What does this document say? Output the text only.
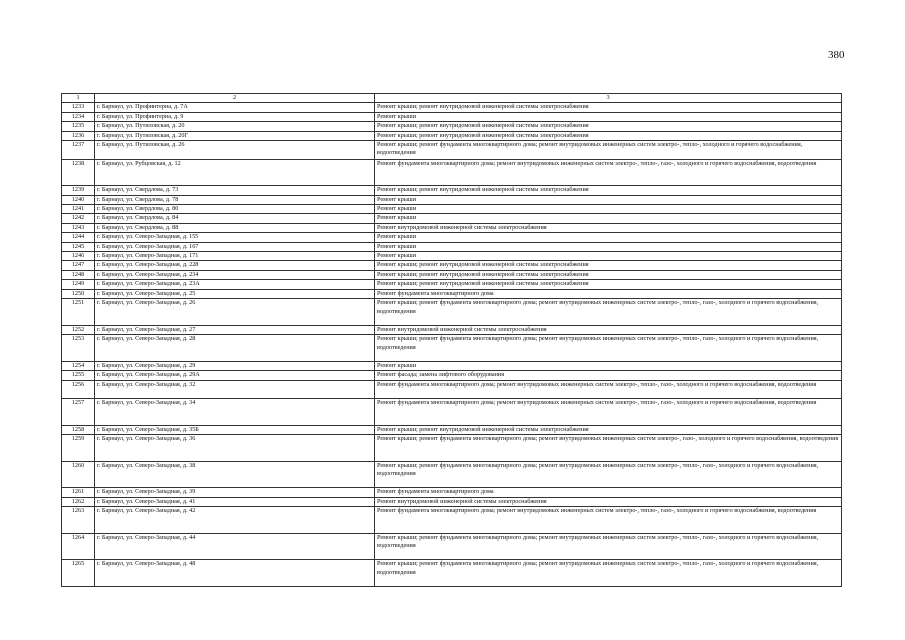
380
1	2	3
1233	г. Барнаул, ул. Профинтерна, д. 7А	Ремонт крыши; ремонт внутридомовой инженерной системы электроснабжения
1234	г. Барнаул, ул. Профинтерна, д. 9	Ремонт крыши
1235	г. Барнаул, ул. Путиловская, д. 20	Ремонт крыши; ремонт внутридомовой инженерной системы электроснабжения
1236	г. Барнаул, ул. Путиловская, д. 20Г	Ремонт крыши; ремонт внутридомовой инженерной системы электроснабжения
1237	г. Барнаул, ул. Путиловская, д. 26	Ремонт крыши; ремонт фундамента многоквартирного дома; ремонт внутридомовых инженерных систем электро-, тепло-, холодного и горячего водоснабжения, водоотведения
1238	г. Барнаул, ул. Рубцовская, д. 12	Ремонт фундамента многоквартирного дома; ремонт внутридомовых инженерных систем электро-, тепло-, газо-, холодного и горячего водоснабжения, водоотведения
1239	г. Барнаул, ул. Свердлова, д. 73	Ремонт крыши; ремонт внутридомовой инженерной системы электроснабжения
1240	г. Барнаул, ул. Свердлова, д. 78	Ремонт крыши
1241	г. Барнаул, ул. Свердлова, д. 80	Ремонт крыши
1242	г. Барнаул, ул. Свердлова, д. 84	Ремонт крыши
1243	г. Барнаул, ул. Свердлова, д. 88	Ремонт внутридомовой инженерной системы электроснабжения
1244	г. Барнаул, ул. Северо-Западная, д. 155	Ремонт крыши
1245	г. Барнаул, ул. Северо-Западная, д. 167	Ремонт крыши
1246	г. Барнаул, ул. Северо-Западная, д. 171	Ремонт крыши
1247	г. Барнаул, ул. Северо-Западная, д. 228	Ремонт крыши; ремонт внутридомовой инженерной системы электроснабжения
1248	г. Барнаул, ул. Северо-Западная, д. 234	Ремонт крыши; ремонт внутридомовой инженерной системы электроснабжения
1249	г. Барнаул, ул. Северо-Западная, д. 23А	Ремонт крыши; ремонт внутридомовой инженерной системы электроснабжения
1250	г. Барнаул, ул. Северо-Западная, д. 25	Ремонт фундамента многоквартирного дома
1251	г. Барнаул, ул. Северо-Западная, д. 26	Ремонт крыши; ремонт фундамента многоквартирного дома; ремонт внутридомовых инженерных систем электро-, тепло-, газо-, холодного и горячего водоснабжения, водоотведения
1252	г. Барнаул, ул. Северо-Западная, д. 27	Ремонт внутридомовой инженерной системы электроснабжения
1253	г. Барнаул, ул. Северо-Западная, д. 28	Ремонт крыши; ремонт фундамента многоквартирного дома; ремонт внутридомовых инженерных систем электро-, тепло-, газо-, холодного и горячего водоснабжения, водоотведения
1254	г. Барнаул, ул. Северо-Западная, д. 29	Ремонт крыши
1255	г. Барнаул, ул. Северо-Западная, д. 29А	Ремонт фасада; замена лифтового оборудования
1256	г. Барнаул, ул. Северо-Западная, д. 32	Ремонт фундамента многоквартирного дома; ремонт внутридомовых инженерных систем электро-, тепло-, газо-, холодного и горячего водоснабжения, водоотведения
1257	г. Барнаул, ул. Северо-Западная, д. 34	Ремонт фундамента многоквартирного дома; ремонт внутридомовых инженерных систем электро-, тепло-, газо-, холодного и горячего водоснабжения, водоотведения
1258	г. Барнаул, ул. Северо-Западная, д. 35Б	Ремонт крыши; ремонт внутридомовой инженерной системы электроснабжения
1259	г. Барнаул, ул. Северо-Западная, д. 36	Ремонт крыши; ремонт фундамента многоквартирного дома; ремонт внутридомовых инженерных систем электро-, газо-, холодного и горячего водоснабжения, водоотведения
1260	г. Барнаул, ул. Северо-Западная, д. 38	Ремонт крыши; ремонт фундамента многоквартирного дома; ремонт внутридомовых инженерных систем электро-, тепло-, газо-, холодного и горячего водоснабжения, водоотведения
1261	г. Барнаул, ул. Северо-Западная, д. 39	Ремонт фундамента многоквартирного дома
1262	г. Барнаул, ул. Северо-Западная, д. 41	Ремонт внутридомовой инженерной системы электроснабжения
1263	г. Барнаул, ул. Северо-Западная, д. 42	Ремонт фундамента многоквартирного дома; ремонт внутридомовых инженерных систем электро-, тепло-, газо-, холодного и горячего водоснабжения, водоотведения
1264	г. Барнаул, ул. Северо-Западная, д. 44	Ремонт крыши; ремонт фундамента многоквартирного дома; ремонт внутридомовых инженерных систем электро-, тепло-, газо-, холодного и горячего водоснабжения, водоотведения
1265	г. Барнаул, ул. Северо-Западная, д. 48	Ремонт крыши; ремонт фундамента многоквартирного дома; ремонт внутридомовых инженерных систем электро-, тепло-, газо-, холодного и горячего водоснабжения, водоотведения
